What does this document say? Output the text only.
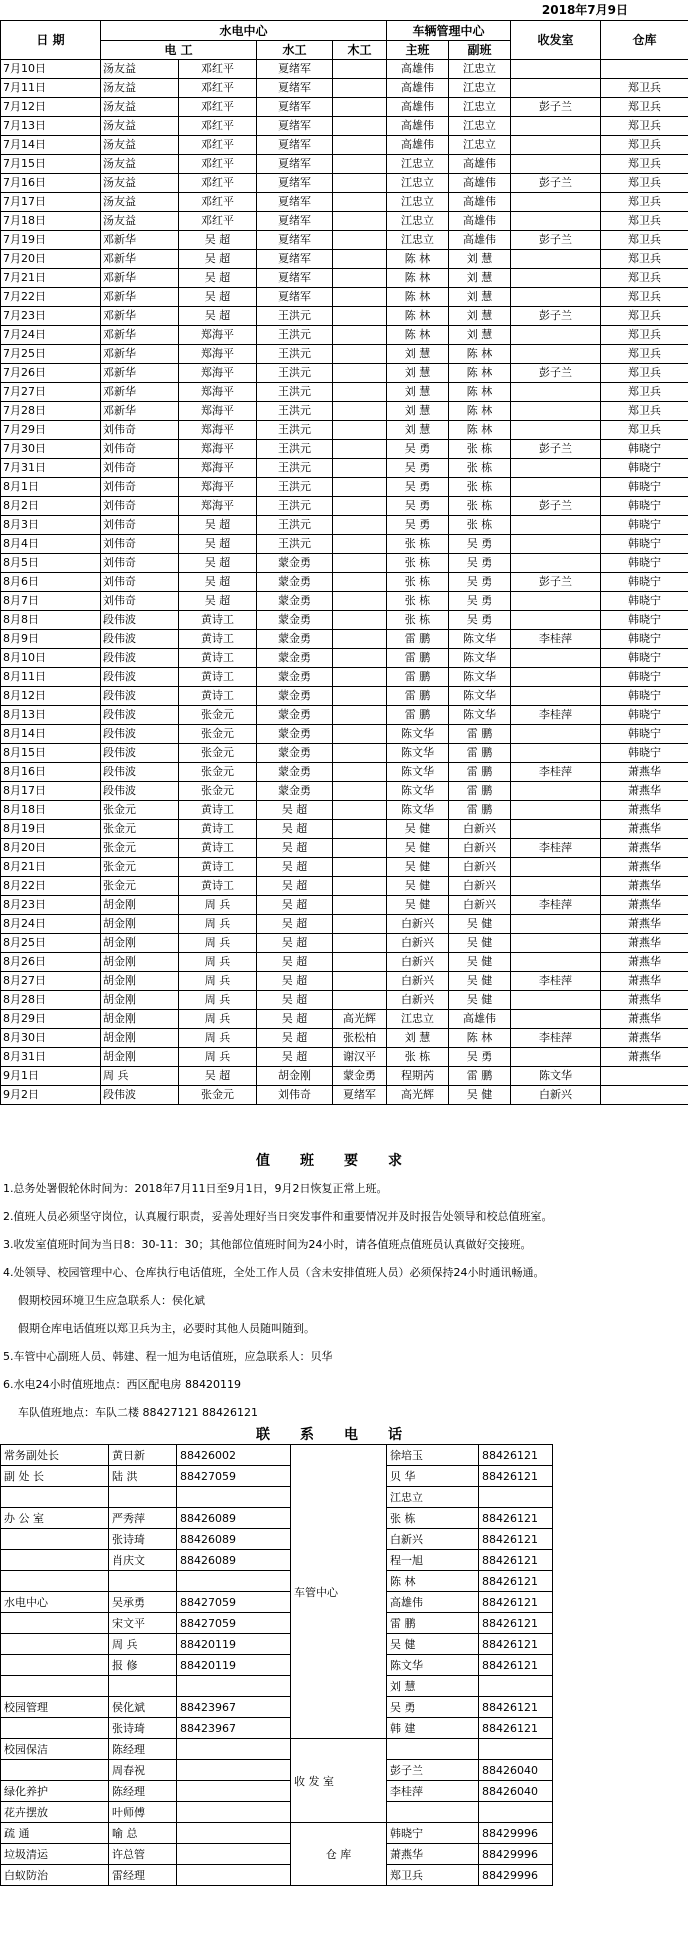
2018年7月9日
日 期	水电中心				车辆管理中心		收发室	仓库
	电 工		水工	木工	主班	副班		
7月10日	汤友益	邓红平	夏绪军		高雄伟	江忠立		
7月11日	汤友益	邓红平	夏绪军		高雄伟	江忠立		郑卫兵
7月12日	汤友益	邓红平	夏绪军		高雄伟	江忠立	彭子兰	郑卫兵
7月13日	汤友益	邓红平	夏绪军		高雄伟	江忠立		郑卫兵
7月14日	汤友益	邓红平	夏绪军		高雄伟	江忠立		郑卫兵
7月15日	汤友益	邓红平	夏绪军		江忠立	高雄伟		郑卫兵
7月16日	汤友益	邓红平	夏绪军		江忠立	高雄伟	彭子兰	郑卫兵
7月17日	汤友益	邓红平	夏绪军		江忠立	高雄伟		郑卫兵
7月18日	汤友益	邓红平	夏绪军		江忠立	高雄伟		郑卫兵
7月19日	邓新华	吴 超	夏绪军		江忠立	高雄伟	彭子兰	郑卫兵
7月20日	邓新华	吴 超	夏绪军		陈 林	刘 慧		郑卫兵
7月21日	邓新华	吴 超	夏绪军		陈 林	刘 慧		郑卫兵
7月22日	邓新华	吴 超	夏绪军		陈 林	刘 慧		郑卫兵
7月23日	邓新华	吴 超	王洪元		陈 林	刘 慧	彭子兰	郑卫兵
7月24日	邓新华	郑海平	王洪元		陈 林	刘 慧		郑卫兵
7月25日	邓新华	郑海平	王洪元		刘 慧	陈 林		郑卫兵
7月26日	邓新华	郑海平	王洪元		刘 慧	陈 林	彭子兰	郑卫兵
7月27日	邓新华	郑海平	王洪元		刘 慧	陈 林		郑卫兵
7月28日	邓新华	郑海平	王洪元		刘 慧	陈 林		郑卫兵
7月29日	刘伟奇	郑海平	王洪元		刘 慧	陈 林		郑卫兵
7月30日	刘伟奇	郑海平	王洪元		吴 勇	张 栋	彭子兰	韩晓宁
7月31日	刘伟奇	郑海平	王洪元		吴 勇	张 栋		韩晓宁
8月1日	刘伟奇	郑海平	王洪元		吴 勇	张 栋		韩晓宁
8月2日	刘伟奇	郑海平	王洪元		吴 勇	张 栋	彭子兰	韩晓宁
8月3日	刘伟奇	吴 超	王洪元		吴 勇	张 栋		韩晓宁
8月4日	刘伟奇	吴 超	王洪元		张 栋	吴 勇		韩晓宁
8月5日	刘伟奇	吴 超	蒙金勇		张 栋	吴 勇		韩晓宁
8月6日	刘伟奇	吴 超	蒙金勇		张 栋	吴 勇	彭子兰	韩晓宁
8月7日	刘伟奇	吴 超	蒙金勇		张 栋	吴 勇		韩晓宁
8月8日	段伟波	黄诗工	蒙金勇		张 栋	吴 勇		韩晓宁
8月9日	段伟波	黄诗工	蒙金勇		雷 鹏	陈文华	李桂萍	韩晓宁
8月10日	段伟波	黄诗工	蒙金勇		雷 鹏	陈文华		韩晓宁
8月11日	段伟波	黄诗工	蒙金勇		雷 鹏	陈文华		韩晓宁
8月12日	段伟波	黄诗工	蒙金勇		雷 鹏	陈文华		韩晓宁
8月13日	段伟波	张金元	蒙金勇		雷 鹏	陈文华	李桂萍	韩晓宁
8月14日	段伟波	张金元	蒙金勇		陈文华	雷 鹏		韩晓宁
8月15日	段伟波	张金元	蒙金勇		陈文华	雷 鹏		韩晓宁
8月16日	段伟波	张金元	蒙金勇		陈文华	雷 鹏	李桂萍	萧燕华
8月17日	段伟波	张金元	蒙金勇		陈文华	雷 鹏		萧燕华
8月18日	张金元	黄诗工	吴 超		陈文华	雷 鹏		萧燕华
8月19日	张金元	黄诗工	吴 超		吴 健	白新兴		萧燕华
8月20日	张金元	黄诗工	吴 超		吴 健	白新兴	李桂萍	萧燕华
8月21日	张金元	黄诗工	吴 超		吴 健	白新兴		萧燕华
8月22日	张金元	黄诗工	吴 超		吴 健	白新兴		萧燕华
8月23日	胡金刚	周 兵	吴 超		吴 健	白新兴	李桂萍	萧燕华
8月24日	胡金刚	周 兵	吴 超		白新兴	吴 健		萧燕华
8月25日	胡金刚	周 兵	吴 超		白新兴	吴 健		萧燕华
8月26日	胡金刚	周 兵	吴 超		白新兴	吴 健		萧燕华
8月27日	胡金刚	周 兵	吴 超		白新兴	吴 健	李桂萍	萧燕华
8月28日	胡金刚	周 兵	吴 超		白新兴	吴 健		萧燕华
8月29日	胡金刚	周 兵	吴 超	高光辉	江忠立	高雄伟		萧燕华
8月30日	胡金刚	周 兵	吴 超	张松柏	刘 慧	陈 林	李桂萍	萧燕华
8月31日	胡金刚	周 兵	吴 超	谢汉平	张 栋	吴 勇		萧燕华
9月1日	周 兵	吴 超	胡金刚	蒙金勇	程期芮	雷 鹏	陈文华	
9月2日	段伟波	张金元	刘伟奇	夏绪军	高光辉	吴 健	白新兴	
值班要求
1.总务处署假轮休时间为：2018年7月11日至9月1日，9月2日恢复正常上班。
2.值班人员必须坚守岗位，认真履行职责，妥善处理好当日突发事件和重要情况并及时报告处领导和校总值班室。
3.收发室值班时间为当日8：30-11：30；其他部位值班时间为24小时，请各值班点值班员认真做好交接班。
4.处领导、校园管理中心、仓库执行电话值班，全处工作人员（含未安排值班人员）必须保持24小时通讯畅通。
假期校园环境卫生应急联系人：侯化斌
假期仓库电话值班以郑卫兵为主，必要时其他人员随叫随到。
5.车管中心副班人员、韩建、程一旭为电话值班，应急联系人：贝华
6.水电24小时值班地点：西区配电房 88420119
车队值班地点：车队二楼 88427121 88426121
联系电话
常务副处长	黄日新	88426002	车管中心	徐培玉	88426121
副 处 长	陆 洪	88427059		贝 华	88426121
				江忠立	
办 公 室	严秀萍	88426089		张 栋	88426121
	张诗琦	88426089		白新兴	88426121
	肖庆文	88426089		程一旭	88426121
				陈 林	88426121
水电中心	吴承勇	88427059		高雄伟	88426121
	宋文平	88427059		雷 鹏	88426121
	周 兵	88420119		吴 健	88426121
	报 修	88420119		陈文华	88426121
				刘 慧	
校园管理	侯化斌	88423967		吴 勇	88426121
	张诗琦	88423967		韩 建	88426121
校园保洁	陈经理		收 发 室		
	周春祝			彭子兰	88426040
绿化养护	陈经理			李桂萍	88426040
花卉摆放	叶师傅				
疏 通	喻 总		仓 库	韩晓宁	88429996
垃圾清运	许总管			萧燕华	88429996
白蚁防治	雷经理			郑卫兵	88429996
